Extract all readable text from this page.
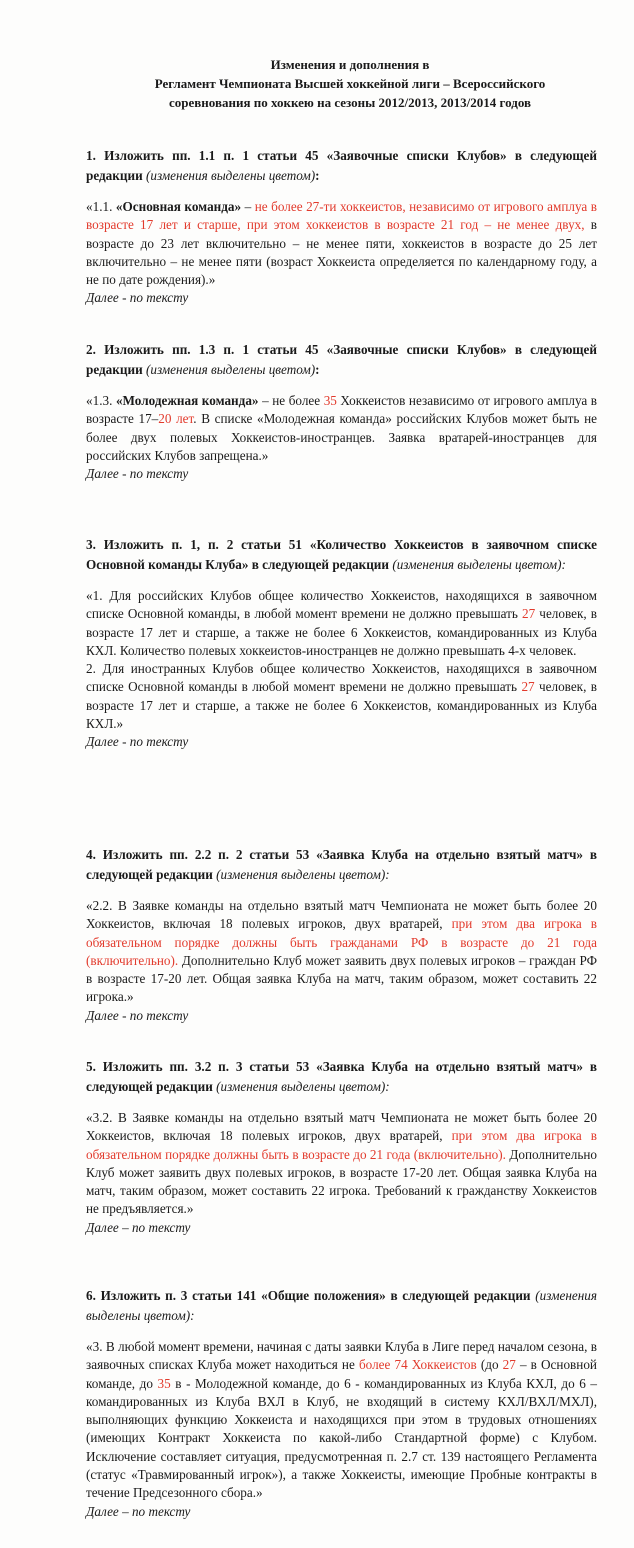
Изменения и дополнения в
Регламент Чемпионата Высшей хоккейной лиги – Всероссийского
соревнования по хоккею на сезоны 2012/2013, 2013/2014 годов
1. Изложить пп. 1.1 п. 1 статьи 45 «Заявочные списки Клубов» в следующей редакции (изменения выделены цветом):
«1.1. «Основная команда» – не более 27-ти хоккеистов, независимо от игрового амплуа в возрасте 17 лет и старше, при этом хоккеистов в возрасте 21 год – не менее двух, в возрасте до 23 лет включительно – не менее пяти, хоккеистов в возрасте до 25 лет включительно – не менее пяти (возраст Хоккеиста определяется по календарному году, а не по дате рождения).»
Далее - по тексту
2. Изложить пп. 1.3 п. 1 статьи 45 «Заявочные списки Клубов» в следующей редакции (изменения выделены цветом):
«1.3. «Молодежная команда» – не более 35 Хоккеистов независимо от игрового амплуа в возрасте 17–20 лет. В списке «Молодежная команда» российских Клубов может быть не более двух полевых Хоккеистов-иностранцев. Заявка вратарей-иностранцев для российских Клубов запрещена.»
Далее - по тексту
3. Изложить п. 1, п. 2 статьи 51 «Количество Хоккеистов в заявочном списке Основной команды Клуба» в следующей редакции (изменения выделены цветом):

«1. Для российских Клубов общее количество Хоккеистов, находящихся в заявочном списке Основной команды, в любой момент времени не должно превышать 27 человек, в возрасте 17 лет и старше, а также не более 6 Хоккеистов, командированных из Клуба КХЛ. Количество полевых хоккеистов-иностранцев не должно превышать 4-х человек.

2. Для иностранных Клубов общее количество Хоккеистов, находящихся в заявочном списке Основной команды в любой момент времени не должно превышать 27 человек, в возрасте 17 лет и старше, а также не более 6 Хоккеистов, командированных из Клуба КХЛ.»

Далее - по тексту
4. Изложить пп. 2.2 п. 2 статьи 53 «Заявка Клуба на отдельно взятый матч» в следующей редакции (изменения выделены цветом):
«2.2. В Заявке команды на отдельно взятый матч Чемпионата не может быть более 20 Хоккеистов, включая 18 полевых игроков, двух вратарей, при этом два игрока в обязательном порядке должны быть гражданами РФ в возрасте до 21 года (включительно). Дополнительно Клуб может заявить двух полевых игроков – граждан РФ в возрасте 17-20 лет. Общая заявка Клуба на матч, таким образом, может составить 22 игрока.»
Далее - по тексту
5. Изложить пп. 3.2 п. 3 статьи 53 «Заявка Клуба на отдельно взятый матч» в следующей редакции (изменения выделены цветом):
«3.2. В Заявке команды на отдельно взятый матч Чемпионата не может быть более 20 Хоккеистов, включая 18 полевых игроков, двух вратарей, при этом два игрока в обязательном порядке должны быть в возрасте до 21 года (включительно). Дополнительно Клуб может заявить двух полевых игроков, в возрасте 17-20 лет. Общая заявка Клуба на матч, таким образом, может составить 22 игрока. Требований к гражданству Хоккеистов не предъявляется.»
Далее – по тексту
6. Изложить п. 3 статьи 141 «Общие положения» в следующей редакции (изменения выделены цветом):
«3. В любой момент времени, начиная с даты заявки Клуба в Лиге перед началом сезона, в заявочных списках Клуба может находиться не более 74 Хоккеистов (до 27 – в Основной команде, до 35 в - Молодежной команде, до 6 - командированных из Клуба КХЛ, до 6 – командированных из Клуба ВХЛ в Клуб, не входящий в систему КХЛ/ВХЛ/МХЛ), выполняющих функцию Хоккеиста и находящихся при этом в трудовых отношениях (имеющих Контракт Хоккеиста по какой-либо Стандартной форме) с Клубом. Исключение составляет ситуация, предусмотренная п. 2.7 ст. 139 настоящего Регламента (статус «Травмированный игрок»), а также Хоккеисты, имеющие Пробные контракты в течение Предсезонного сбора.»
Далее – по тексту
